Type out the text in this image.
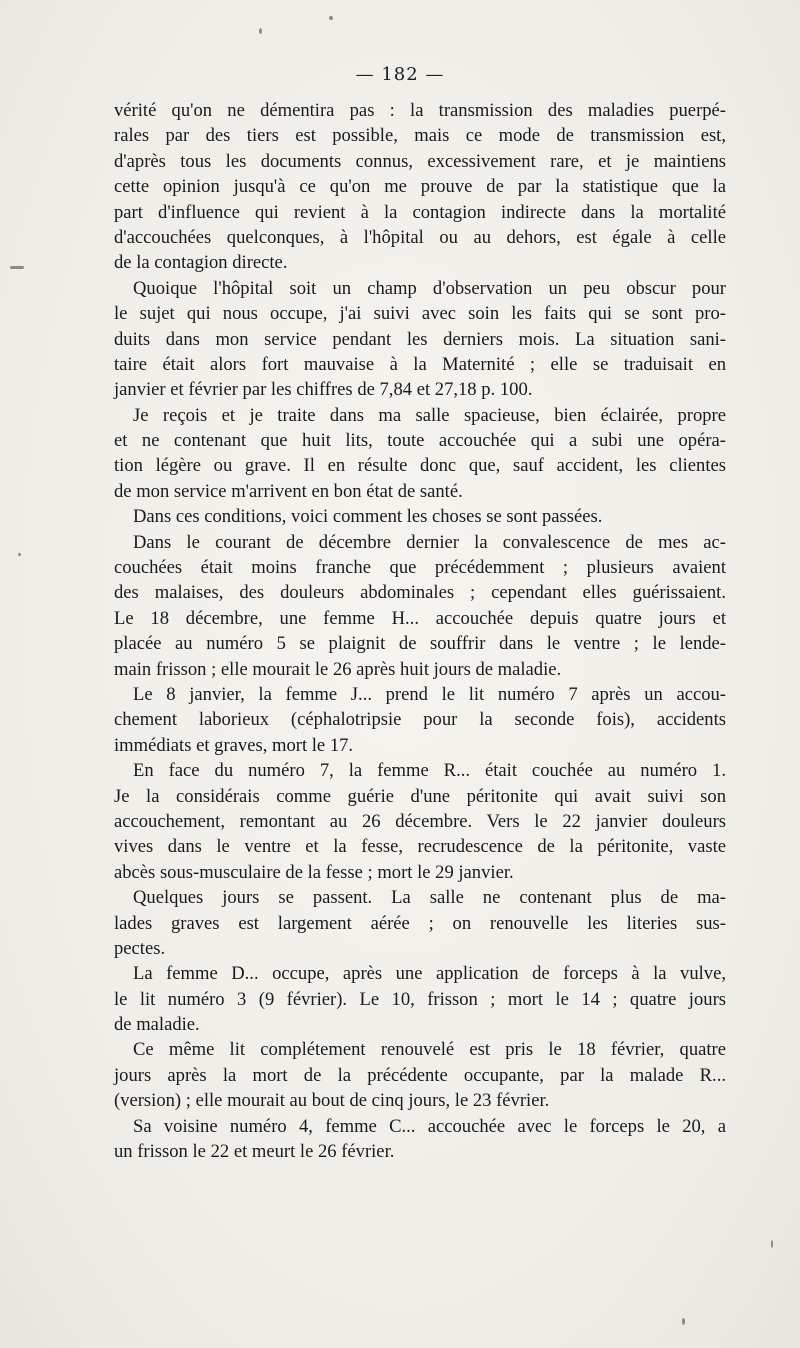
— 182 —
vérité qu'on ne démentira pas : la transmission des maladies puerpé-
rales par des tiers est possible, mais ce mode de transmission est,
d'après tous les documents connus, excessivement rare, et je maintiens
cette opinion jusqu'à ce qu'on me prouve de par la statistique que la
part d'influence qui revient à la contagion indirecte dans la mortalité
d'accouchées quelconques, à l'hôpital ou au dehors, est égale à celle
de la contagion directe.
Quoique l'hôpital soit un champ d'observation un peu obscur pour
le sujet qui nous occupe, j'ai suivi avec soin les faits qui se sont pro-
duits dans mon service pendant les derniers mois. La situation sani-
taire était alors fort mauvaise à la Maternité ; elle se traduisait en
janvier et février par les chiffres de 7,84 et 27,18 p. 100.
Je reçois et je traite dans ma salle spacieuse, bien éclairée, propre
et ne contenant que huit lits, toute accouchée qui a subi une opéra-
tion légère ou grave. Il en résulte donc que, sauf accident, les clientes
de mon service m'arrivent en bon état de santé.
Dans ces conditions, voici comment les choses se sont passées.
Dans le courant de décembre dernier la convalescence de mes ac-
couchées était moins franche que précédemment ; plusieurs avaient
des malaises, des douleurs abdominales ; cependant elles guérissaient.
Le 18 décembre, une femme H... accouchée depuis quatre jours et
placée au numéro 5 se plaignit de souffrir dans le ventre ; le lende-
main frisson ; elle mourait le 26 après huit jours de maladie.
Le 8 janvier, la femme J... prend le lit numéro 7 après un accou-
chement laborieux (céphalotripsie pour la seconde fois), accidents
immédiats et graves, mort le 17.
En face du numéro 7, la femme R... était couchée au numéro 1.
Je la considérais comme guérie d'une péritonite qui avait suivi son
accouchement, remontant au 26 décembre. Vers le 22 janvier douleurs
vives dans le ventre et la fesse, recrudescence de la péritonite, vaste
abcès sous-musculaire de la fesse ; mort le 29 janvier.
Quelques jours se passent. La salle ne contenant plus de ma-
lades graves est largement aérée ; on renouvelle les literies sus-
pectes.
La femme D... occupe, après une application de forceps à la vulve,
le lit numéro 3 (9 février). Le 10, frisson ; mort le 14 ; quatre jours
de maladie.
Ce même lit complétement renouvelé est pris le 18 février, quatre
jours après la mort de la précédente occupante, par la malade R...
(version) ; elle mourait au bout de cinq jours, le 23 février.
Sa voisine numéro 4, femme C... accouchée avec le forceps le 20, a
un frisson le 22 et meurt le 26 février.
